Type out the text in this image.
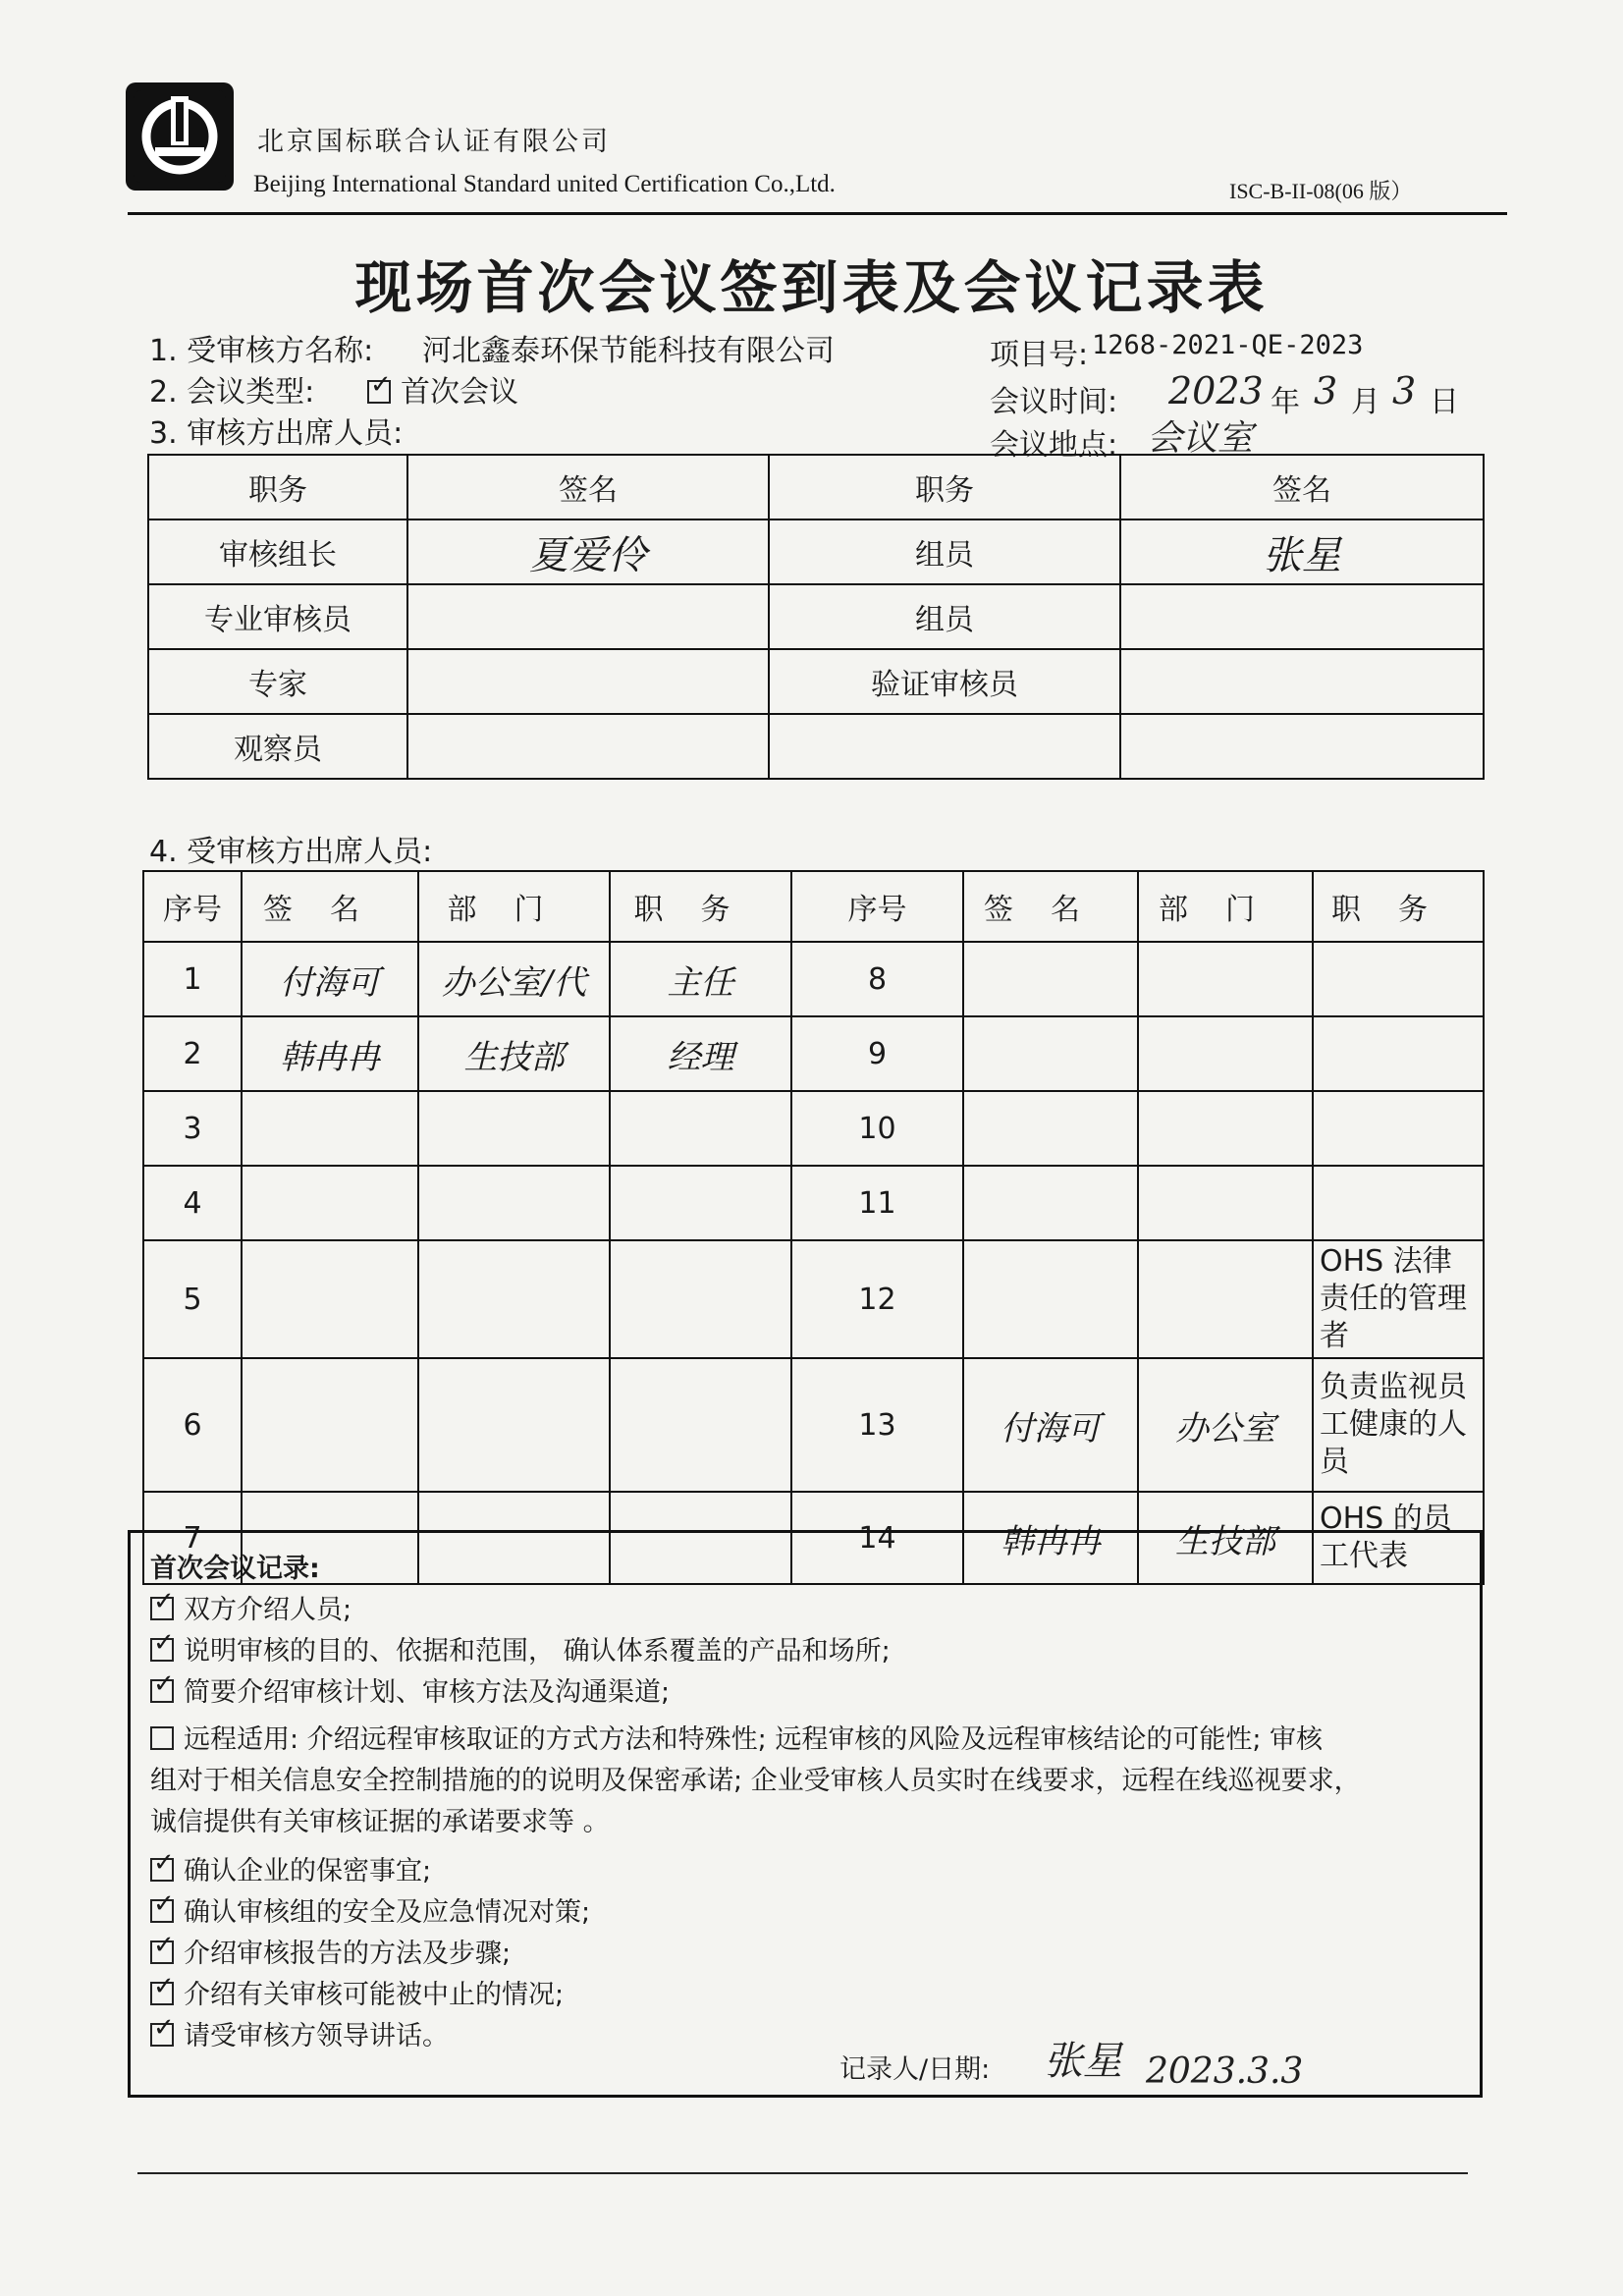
北京国标联合认证有限公司
Beijing International Standard united Certification Co.,Ltd.	ISC-B-II-08(06 版）
现场首次会议签到表及会议记录表
1. 受审核方名称: 河北鑫泰环保节能科技有限公司	项目号: 1268-2021-QE-2023
2. 会议类型: ✓	首次会议	会议时间: 2023 年 3 月 3 日
3. 审核方出席人员:	会议地点: 会议室
职务	签名	职务	签名
审核组长	夏爱伶	组员	张星
专业审核员		组员	
专家		验证审核员	
观察员			
4. 受审核方出席人员:
序号	签名	部门	职务	序号	签名	部门	职务
1	付海可	办公室/代	主任	8			
2	韩冉冉	生技部	经理	9			
3				10			
4				11			
5				12			OHS 法律责任的管理者
6				13	付海可	办公室	负责监视员工健康的人员
7				14	韩冉冉	生技部	OHS 的员工代表
首次会议记录:
✓双方介绍人员;
✓说明审核的目的、依据和范围， 确认体系覆盖的产品和场所;
✓简要介绍审核计划、审核方法及沟通渠道;
远程适用: 介绍远程审核取证的方式方法和特殊性; 远程审核的风险及远程审核结论的可能性; 审核
组对于相关信息安全控制措施的的说明及保密承诺; 企业受审核人员实时在线要求，远程在线巡视要求，
诚信提供有关审核证据的承诺要求等 。
✓确认企业的保密事宜;
✓确认审核组的安全及应急情况对策;
✓介绍审核报告的方法及步骤;
✓介绍有关审核可能被中止的情况;
✓请受审核方领导讲话。
记录人/日期: 张星 2023.3.3
